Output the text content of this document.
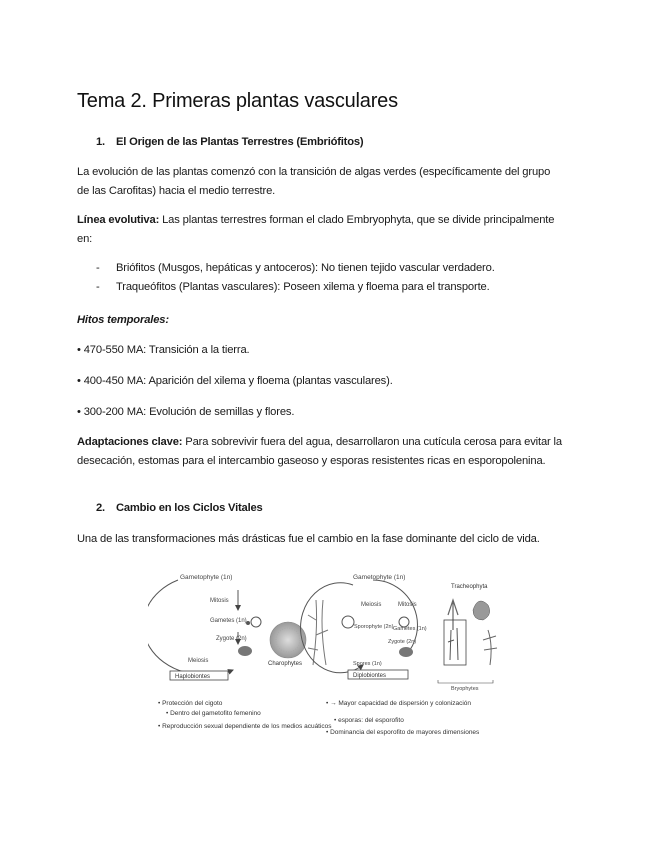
Tema 2. Primeras plantas vasculares
1. El Origen de las Plantas Terrestres (Embriófitos)
La evolución de las plantas comenzó con la transición de algas verdes (específicamente del grupo de las Carofitas) hacia el medio terrestre.
Línea evolutiva: Las plantas terrestres forman el clado Embryophyta, que se divide principalmente en:
- Briófitos (Musgos, hepáticas y antoceros): No tienen tejido vascular verdadero.
- Traqueófitos (Plantas vasculares): Poseen xilema y floema para el transporte.
Hitos temporales:
• 470-550 MA: Transición a la tierra.
• 400-450 MA: Aparición del xilema y floema (plantas vasculares).
• 300-200 MA: Evolución de semillas y flores.
Adaptaciones clave: Para sobrevivir fuera del agua, desarrollaron una cutícula cerosa para evitar la desecación, estomas para el intercambio gaseoso y esporas resistentes ricas en esporopolenina.
2. Cambio en los Ciclos Vitales
Una de las transformaciones más drásticas fue el cambio en la fase dominante del ciclo de vida.
Gametophyte (1n)
Mitosis
Gametes (1n)
Zygote (2n)
Meiosis
Haplobiontes
Charophytes
Gametophyte (1n)
Meiosis	Mitosis
Sporophyte (2n) Gametes (1n)
Zygote (2n)
Spores (1n)
Diplobiontes
Tracheophyta
Bryophytes
• Protección del cigoto
• Dentro del gametofito femenino
• Reproducción sexual dependiente de los medios acuáticos
• → Mayor capacidad de dispersión y colonización
• esporas: del esporofito
• Dominancia del esporofito de mayores dimensiones
